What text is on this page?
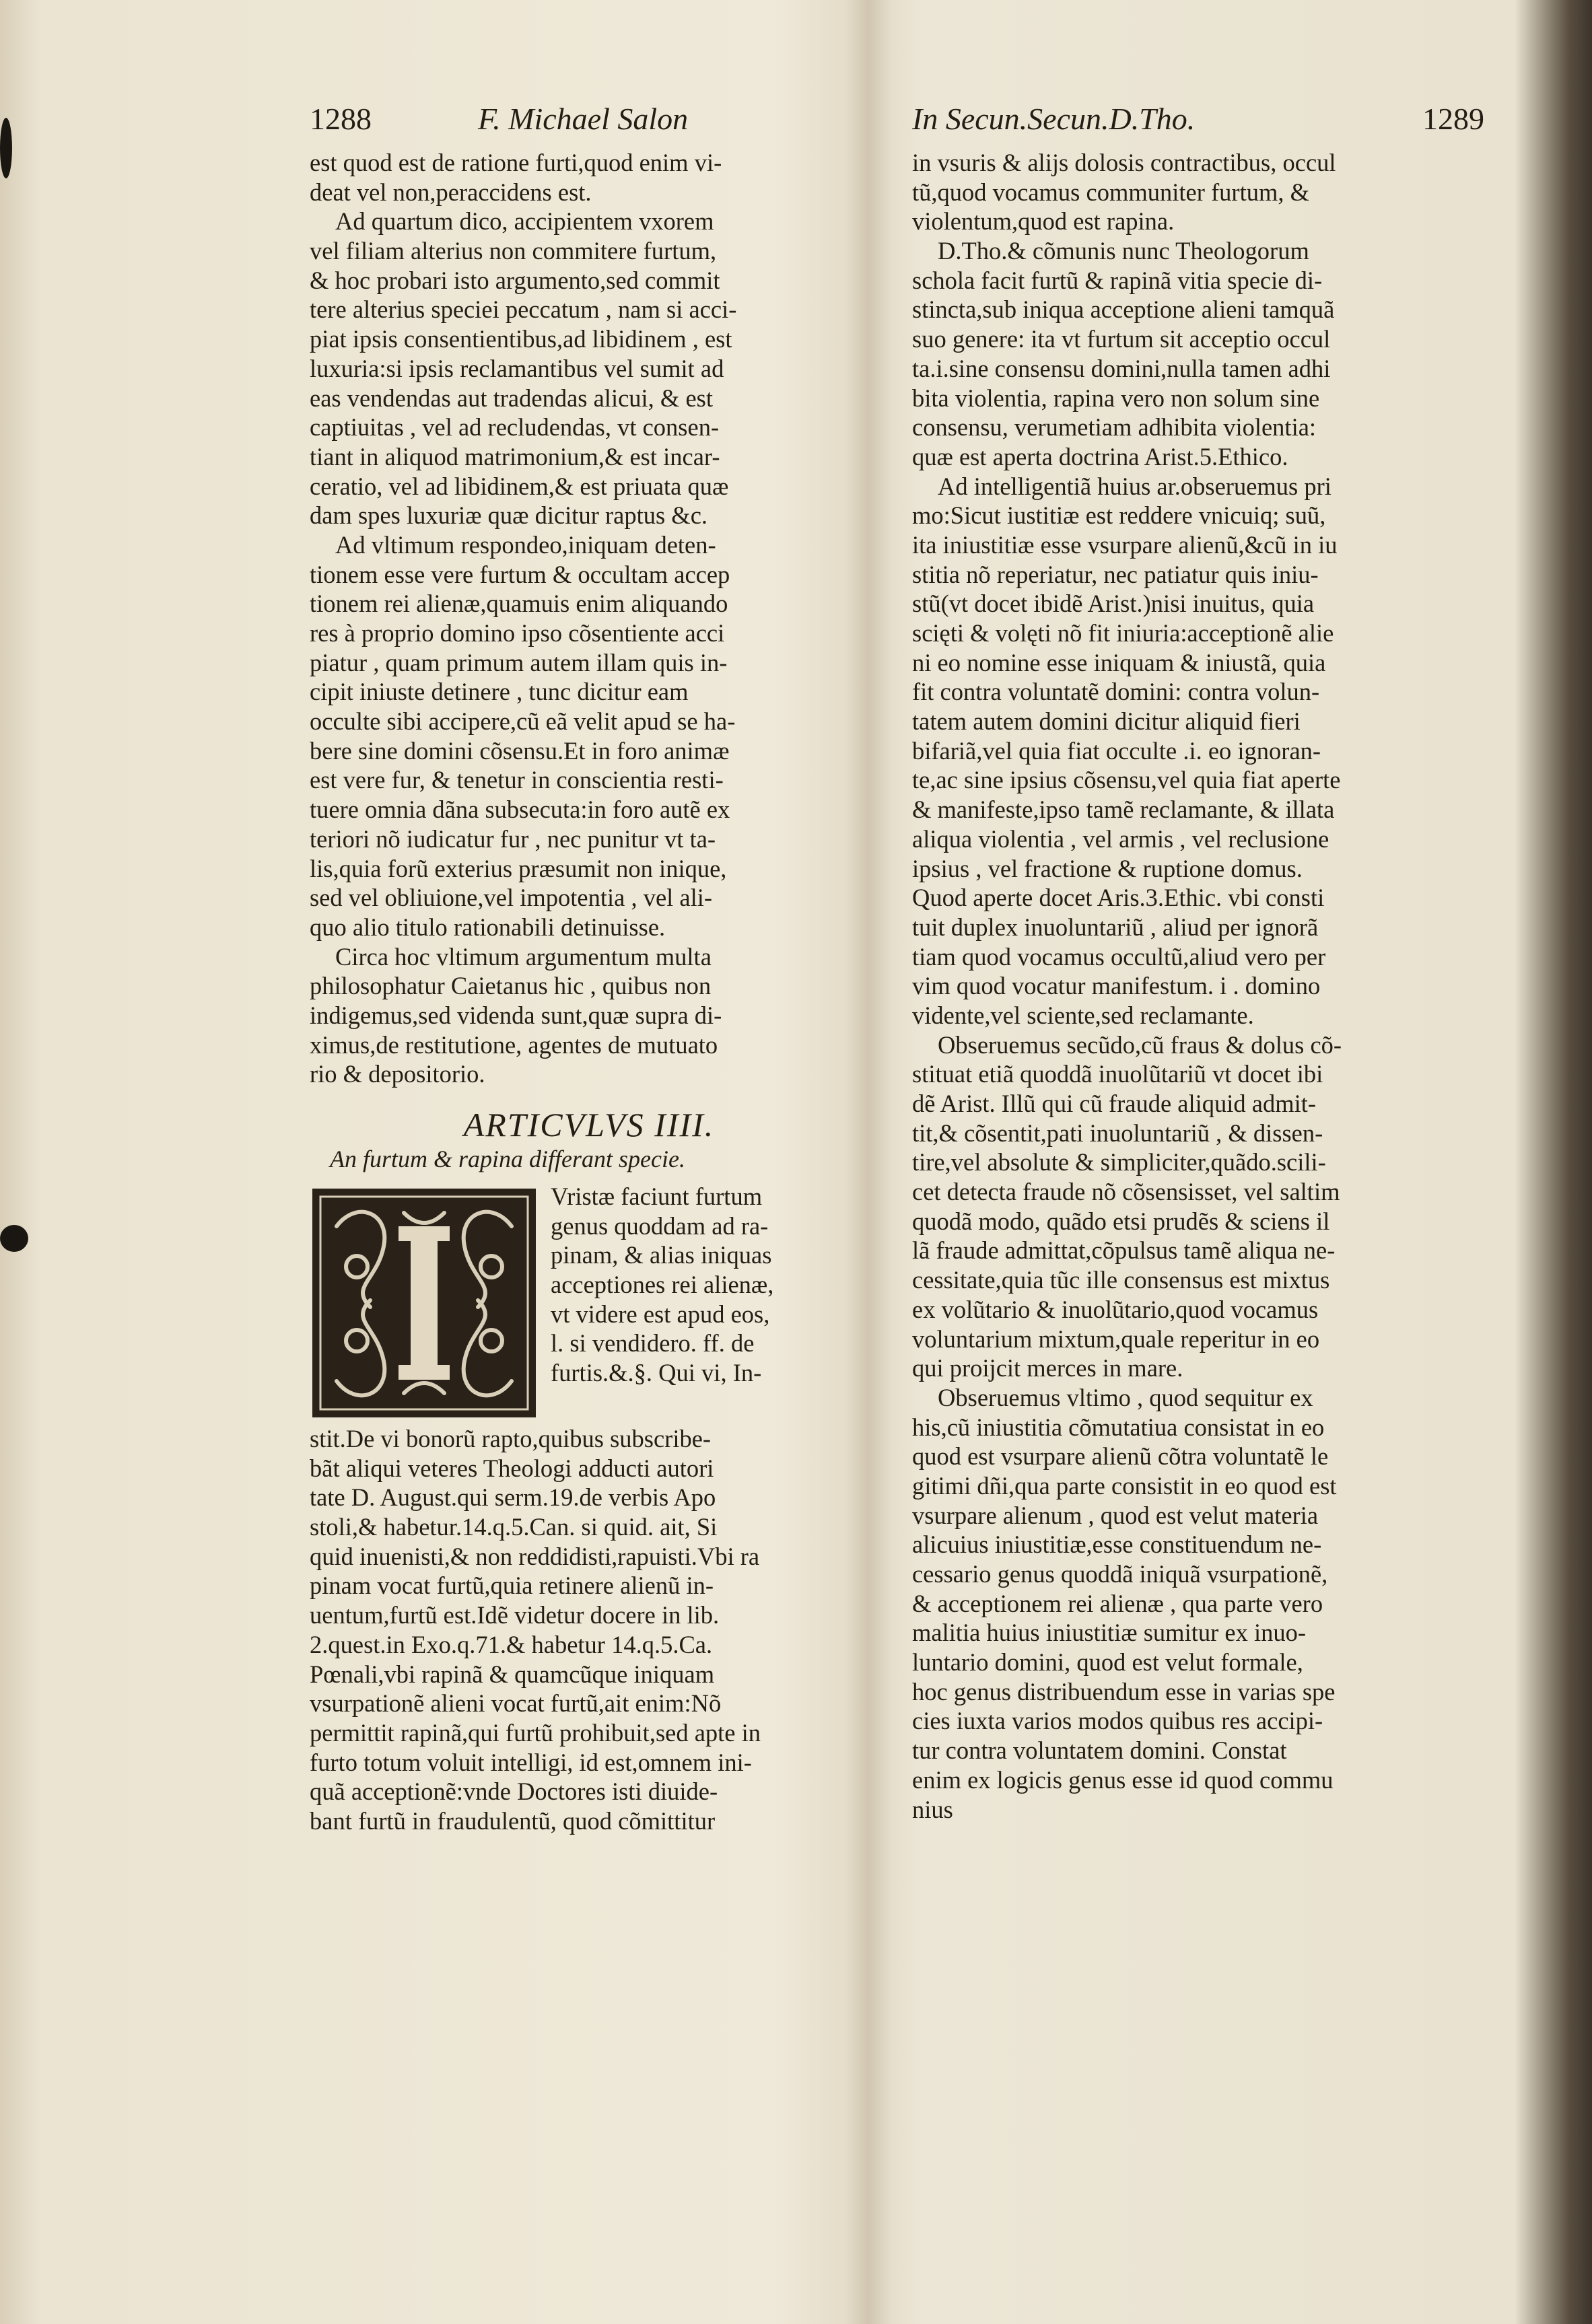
1288	F. Michael Salon
est quod est de ratione furti,quod enim vi-
deat vel non,peraccidens est.
Ad quartum dico, accipientem vxorem
vel filiam alterius non commitere furtum,
& hoc probari isto argumento,sed commit
tere alterius speciei peccatum , nam si acci-
piat ipsis consentientibus,ad libidinem , est
luxuria:si ipsis reclamantibus vel sumit ad
eas vendendas aut tradendas alicui, & est
captiuitas , vel ad recludendas, vt consen-
tiant in aliquod matrimonium,& est incar-
ceratio, vel ad libidinem,& est priuata quæ
dam spes luxuriæ quæ dicitur raptus &c.
Ad vltimum respondeo,iniquam deten-
tionem esse vere furtum & occultam accep
tionem rei alienæ,quamuis enim aliquando
res à proprio domino ipso cõsentiente acci
piatur , quam primum autem illam quis in-
cipit iniuste detinere , tunc dicitur eam
occulte sibi accipere,cũ eã velit apud se ha-
bere sine domini cõsensu.Et in foro animæ
est vere fur, & tenetur in conscientia resti-
tuere omnia dãna subsecuta:in foro autẽ ex
teriori nõ iudicatur fur , nec punitur vt ta-
lis,quia forũ exterius præsumit non inique,
sed vel obliuione,vel impotentia , vel ali-
quo alio titulo rationabili detinuisse.
Circa hoc vltimum argumentum multa
philosophatur Caietanus hic , quibus non
indigemus,sed videnda sunt,quæ supra di-
ximus,de restitutione, agentes de mutuato
rio & depositorio.
ARTICVLVS IIII.
An furtum & rapina differant specie.
Vristæ faciunt furtum
genus quoddam ad ra-
pinam, & alias iniquas
acceptiones rei alienæ,
vt videre est apud eos,
l. si vendidero. ff. de
furtis.&.§. Qui vi, In-
stit.De vi bonorũ rapto,quibus subscribe-
bãt aliqui veteres Theologi adducti autori
tate D. August.qui serm.19.de verbis Apo
stoli,& habetur.14.q.5.Can. si quid. ait, Si
quid inuenisti,& non reddidisti,rapuisti.Vbi ra
pinam vocat furtũ,quia retinere alienũ in-
uentum,furtũ est.Idẽ videtur docere in lib.
2.quest.in Exo.q.71.& habetur 14.q.5.Ca.
Pœnali,vbi rapinã & quamcũque iniquam
vsurpationẽ alieni vocat furtũ,ait enim:Nõ
permittit rapinã,qui furtũ prohibuit,sed apte in
furto totum voluit intelligi, id est,omnem ini-
quã acceptionẽ:vnde Doctores isti diuide-
bant furtũ in fraudulentũ, quod cõmittitur
In Secun.Secun.D.Tho.	1289
in vsuris & alijs dolosis contractibus, occul
tũ,quod vocamus communiter furtum, &
violentum,quod est rapina.
D.Tho.& cõmunis nunc Theologorum
schola facit furtũ & rapinã vitia specie di-
stincta,sub iniqua acceptione alieni tamquã
suo genere: ita vt furtum sit acceptio occul
ta.i.sine consensu domini,nulla tamen adhi
bita violentia, rapina vero non solum sine
consensu, verumetiam adhibita violentia:
quæ est aperta doctrina Arist.5.Ethico.
Ad intelligentiã huius ar.obseruemus pri
mo:Sicut iustitiæ est reddere vnicuiq; suũ,
ita iniustitiæ esse vsurpare alienũ,&cũ in iu
stitia nõ reperiatur, nec patiatur quis iniu-
stũ(vt docet ibidẽ Arist.)nisi inuitus, quia
scięti & volęti nõ fit iniuria:acceptionẽ alie
ni eo nomine esse iniquam & iniustã, quia
fit contra voluntatẽ domini: contra volun-
tatem autem domini dicitur aliquid fieri
bifariã,vel quia fiat occulte .i. eo ignoran-
te,ac sine ipsius cõsensu,vel quia fiat aperte
& manifeste,ipso tamẽ reclamante, & illata
aliqua violentia , vel armis , vel reclusione
ipsius , vel fractione & ruptione domus.
Quod aperte docet Aris.3.Ethic. vbi consti
tuit duplex inuoluntariũ , aliud per ignorã
tiam quod vocamus occultũ,aliud vero per
vim quod vocatur manifestum. i . domino
vidente,vel sciente,sed reclamante.
Obseruemus secũdo,cũ fraus & dolus cõ-
stituat etiã quoddã inuolũtariũ vt docet ibi
dẽ Arist. Illũ qui cũ fraude aliquid admit-
tit,& cõsentit,pati inuoluntariũ , & dissen-
tire,vel absolute & simpliciter,quãdo.scili-
cet detecta fraude nõ cõsensisset, vel saltim
quodã modo, quãdo etsi prudẽs & sciens il
lã fraude admittat,cõpulsus tamẽ aliqua ne-
cessitate,quia tũc ille consensus est mixtus
ex volũtario & inuolũtario,quod vocamus
voluntarium mixtum,quale reperitur in eo
qui proijcit merces in mare.
Obseruemus vltimo , quod sequitur ex
his,cũ iniustitia cõmutatiua consistat in eo
quod est vsurpare alienũ cõtra voluntatẽ le
gitimi dñi,qua parte consistit in eo quod est
vsurpare alienum , quod est velut materia
alicuius iniustitiæ,esse constituendum ne-
cessario genus quoddã iniquã vsurpationẽ,
& acceptionem rei alienæ , qua parte vero
malitia huius iniustitiæ sumitur ex inuo-
luntario domini, quod est velut formale,
hoc genus distribuendum esse in varias spe
cies iuxta varios modos quibus res accipi-
tur contra voluntatem domini. Constat
enim ex logicis genus esse id quod commu
nius
